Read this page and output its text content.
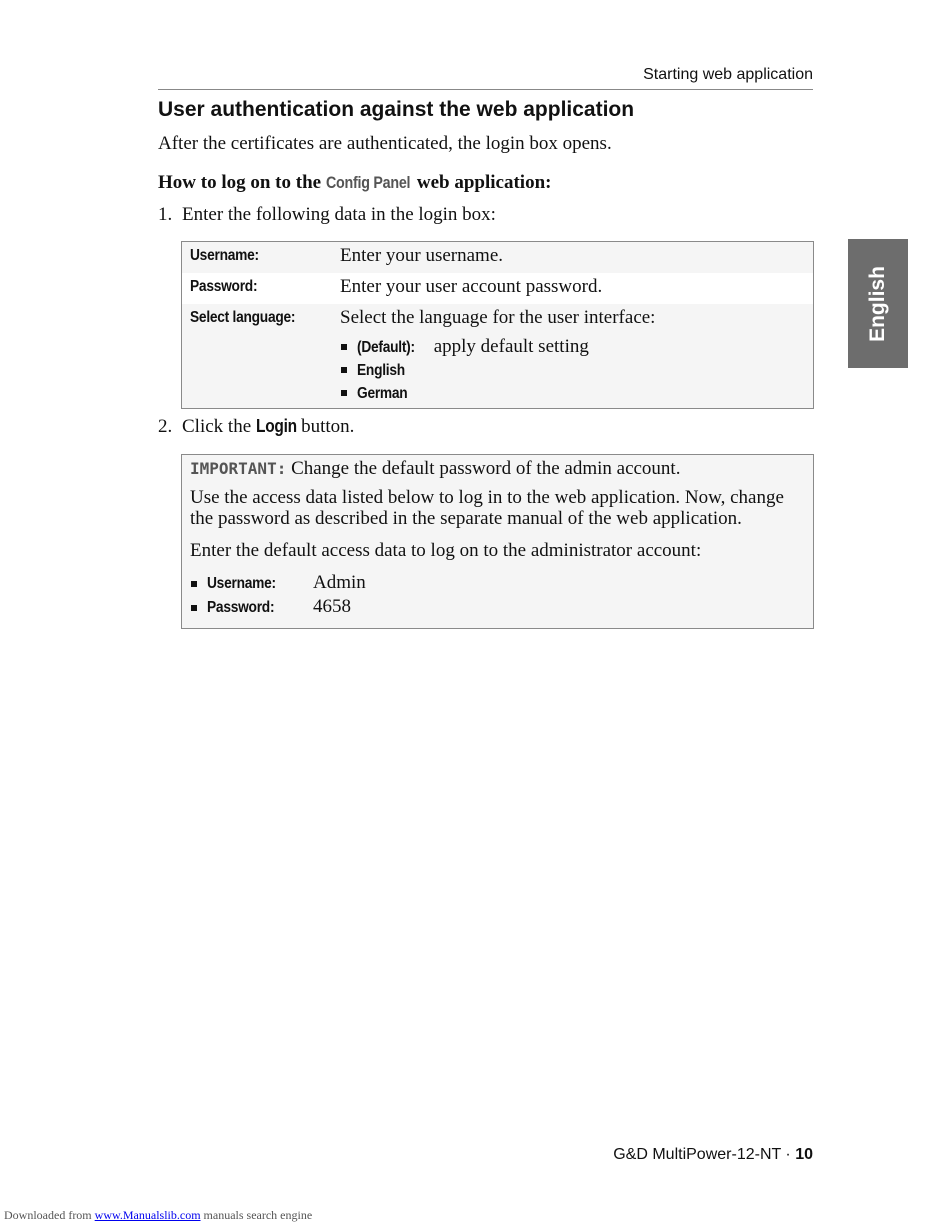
Starting web application
English
User authentication against the web application

After the certificates are authenticated, the login box opens.

How to log on to the Config Panel web application:

1. Enter the following data in the login box:

Username:	Enter your username.
Password:	Enter your user account password.
Select language: Select the language for the user interface:
(Default): apply default setting
English
German

2. Click the Login button.

IMPORTANT: Change the default password of the admin account.

Use the access data listed below to log in to the web application. Now, change the password as described in the separate manual of the web application.

Enter the default access data to log on to the administrator account:

Username: Admin
Password: 4658
G&D MultiPower-12-NT · 10
Downloaded from www.Manualslib.com manuals search engine
